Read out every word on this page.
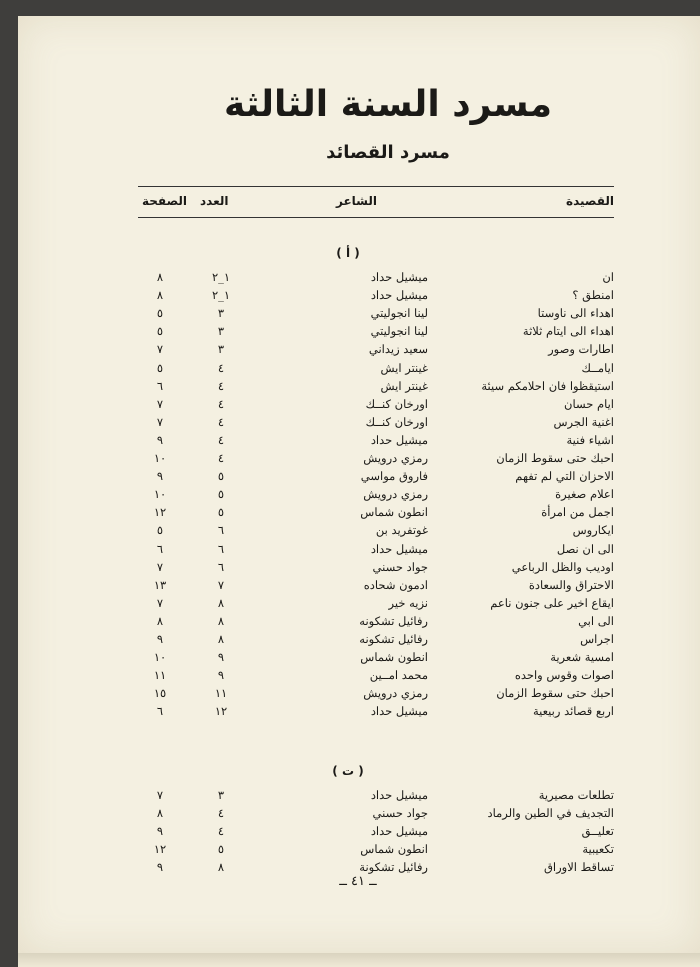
مسرد السنة الثالثة
مسرد القصائد
القصيدة
الشاعر
العدد
الصفحة
( أ )
ان
ميشيل حداد
١_٢
٨
امنطق ؟
ميشيل حداد
١_٢
٨
اهداء الى ناوستا
لينا انجوليتي
٣
٥
اهداء الى ايتام ثلاثة
لينا انجوليتي
٣
٥
اطارات وصور
سعيد زيداني
٣
٧
ايامــك
غينتر ايش
٤
٥
استيقظوا فان احلامكم سيئة
غينتر ايش
٤
٦
ايام حسان
اورخان كنــك
٤
٧
اغنية الجرس
اورخان كنــك
٤
٧
اشياء فنية
ميشيل حداد
٤
٩
احبك حتى سقوط الزمان
رمزي درويش
٤
١٠
الاحزان التي لم تفهم
فاروق مواسي
٥
٩
اعلام صغيرة
رمزي درويش
٥
١٠
اجمل من امرأة
انطون شماس
٥
١٢
ايكاروس
غوتفريد بن
٦
٥
الى ان نصل
ميشيل حداد
٦
٦
اوديب والظل الرباعي
جواد حسني
٦
٧
الاحتراق والسعادة
ادمون شحاده
٧
١٣
ايقاع اخير على جنون ناعم
نزيه خير
٨
٧
الى ابي
رفائيل تشكونه
٨
٨
اجراس
رفائيل تشكونه
٨
٩
امسية شعرية
انطون شماس
٩
١٠
اصوات وقوس واحده
محمد امــين
٩
١١
احبك حتى سقوط الزمان
رمزي درويش
١١
١٥
اربع قصائد ربيعية
ميشيل حداد
١٢
٦
( ت )
تطلعات مصيرية
ميشيل حداد
٣
٧
التجديف في الطين والرماد
جواد حسني
٤
٨
تعليــق
ميشيل حداد
٤
٩
تكعيبية
انطون شماس
٥
١٢
تساقط الاوراق
رفائيل تشكونة
٨
٩
ــ ٤١ ــ
